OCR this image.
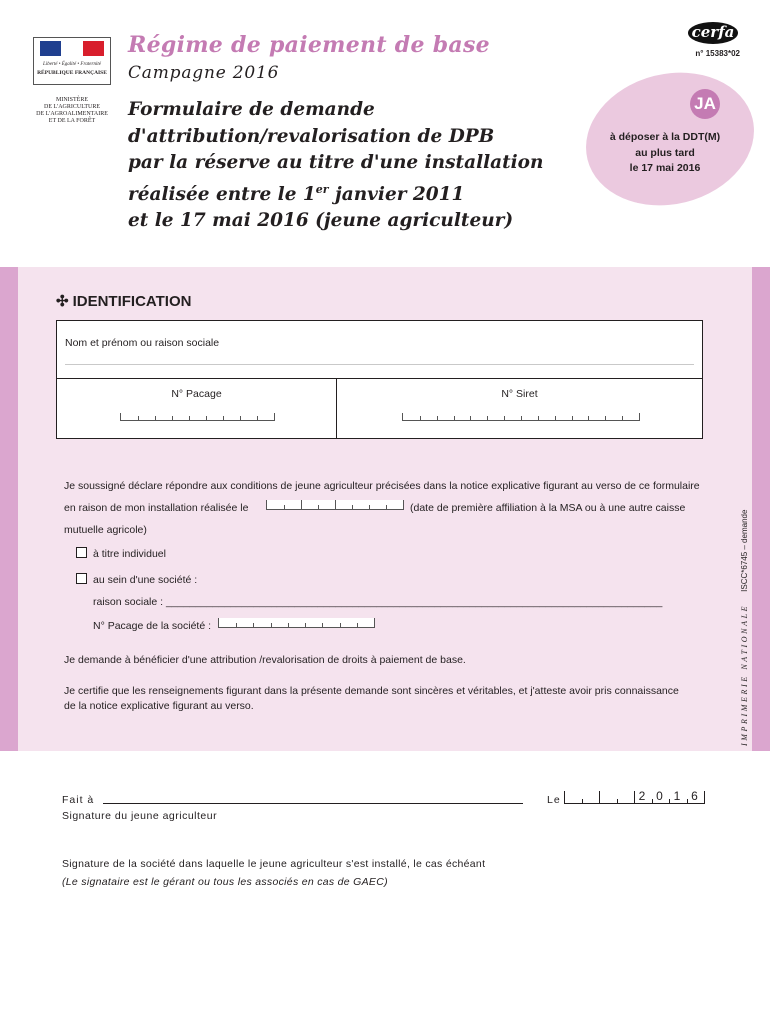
Liberté • Égalité • Fraternité
RÉPUBLIQUE FRANÇAISE
MINISTÈRE
DE L'AGRICULTURE
DE L'AGROALIMENTAIRE
ET DE LA FORÊT
Régime de paiement de base
Campagne 2016
Formulaire de demande
d'attribution/revalorisation de DPB
par la réserve au titre d'une installation
réalisée entre le 1er janvier 2011
et le 17 mai 2016 (jeune agriculteur)
cerfa
n° 15383*02
JA
à déposer à la DDT(M)
au plus tard
le 17 mai 2016
✣ IDENTIFICATION
Nom et prénom ou raison sociale
N° Pacage	N° Siret
Je soussigné déclare répondre aux conditions de jeune agriculteur précisées dans la notice explicative figurant au verso de ce formulaire
en raison de mon installation réalisée le	(date de première affiliation à la MSA ou à une autre caisse
mutuelle agricole)
à titre individuel
au sein d'une société :
raison sociale : _____________________________________________________________________________________
N° Pacage de la société :
Je demande à bénéficier d'une attribution /revalorisation de droits à paiement de base.
Je certifie que les renseignements figurant dans la présente demande sont sincères et véritables, et j'atteste avoir pris connaissance
de la notice explicative figurant au verso.	IMPRIMERIE NATIONALEISCC*6745 – demande
Fait à	Le	2 0 1 6
Signature du jeune agriculteur
Signature de la société dans laquelle le jeune agriculteur s'est installé, le cas échéant
(Le signataire est le gérant ou tous les associés en cas de GAEC)
